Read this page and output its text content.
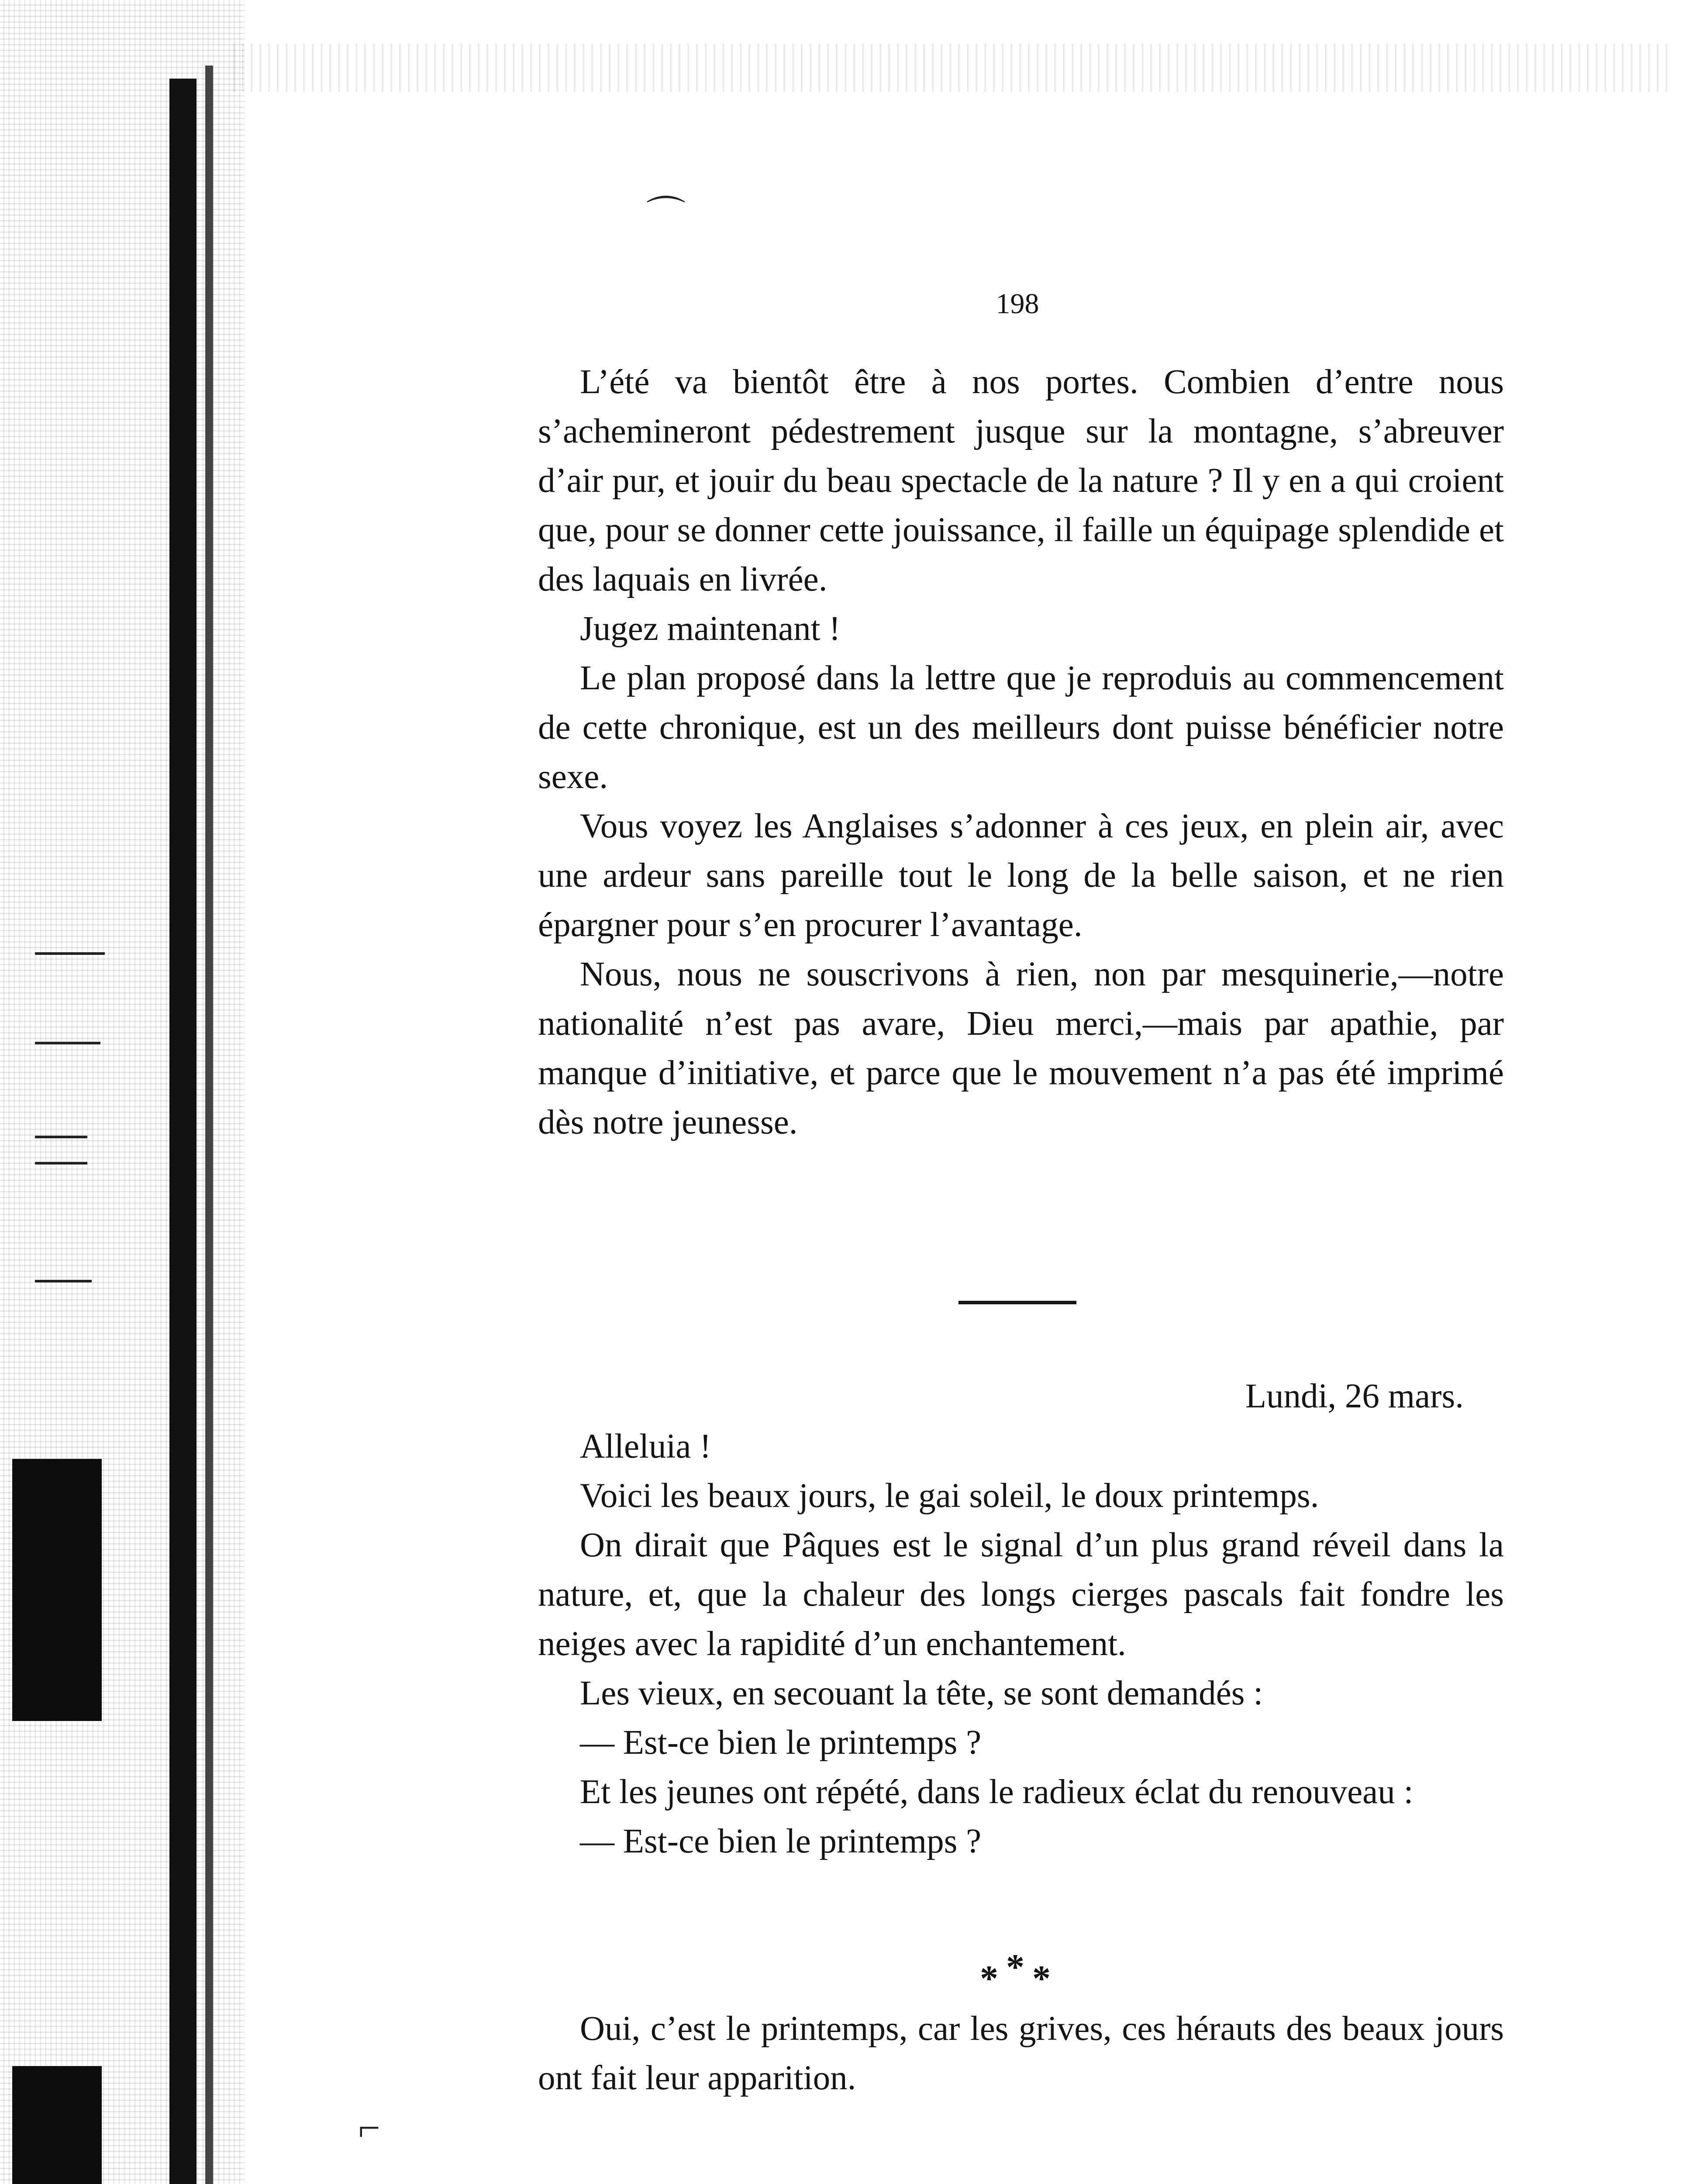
⌒
⌐
198

L’été va bientôt être à nos portes. Combien d’entre nous s’achemineront pédestrement jusque sur la montagne, s’abreuver d’air pur, et jouir du beau spectacle de la nature ? Il y en a qui croient que, pour se donner cette jouissance, il faille un équipage splendide et des laquais en livrée.

Jugez maintenant !

Le plan proposé dans la lettre que je reproduis au commencement de cette chronique, est un des meilleurs dont puisse bénéficier notre sexe.

Vous voyez les Anglaises s’adonner à ces jeux, en plein air, avec une ardeur sans pareille tout le long de la belle saison, et ne rien épargner pour s’en procurer l’avantage.

Nous, nous ne souscrivons à rien, non par mesquinerie,—notre nationalité n’est pas avare, Dieu merci,—mais par apathie, par manque d’initiative, et parce que le mouvement n’a pas été imprimé dès notre jeunesse.

Lundi, 26 mars.

Alleluia !

Voici les beaux jours, le gai soleil, le doux printemps.

On dirait que Pâques est le signal d’un plus grand réveil dans la nature, et, que la chaleur des longs cierges pascals fait fondre les neiges avec la rapidité d’un enchantement.

Les vieux, en secouant la tête, se sont demandés :

— Est-ce bien le printemps ?

Et les jeunes ont répété, dans le radieux éclat du renouveau :

— Est-ce bien le printemps ?

* * *

Oui, c’est le printemps, car les grives, ces hérauts des beaux jours ont fait leur apparition.
